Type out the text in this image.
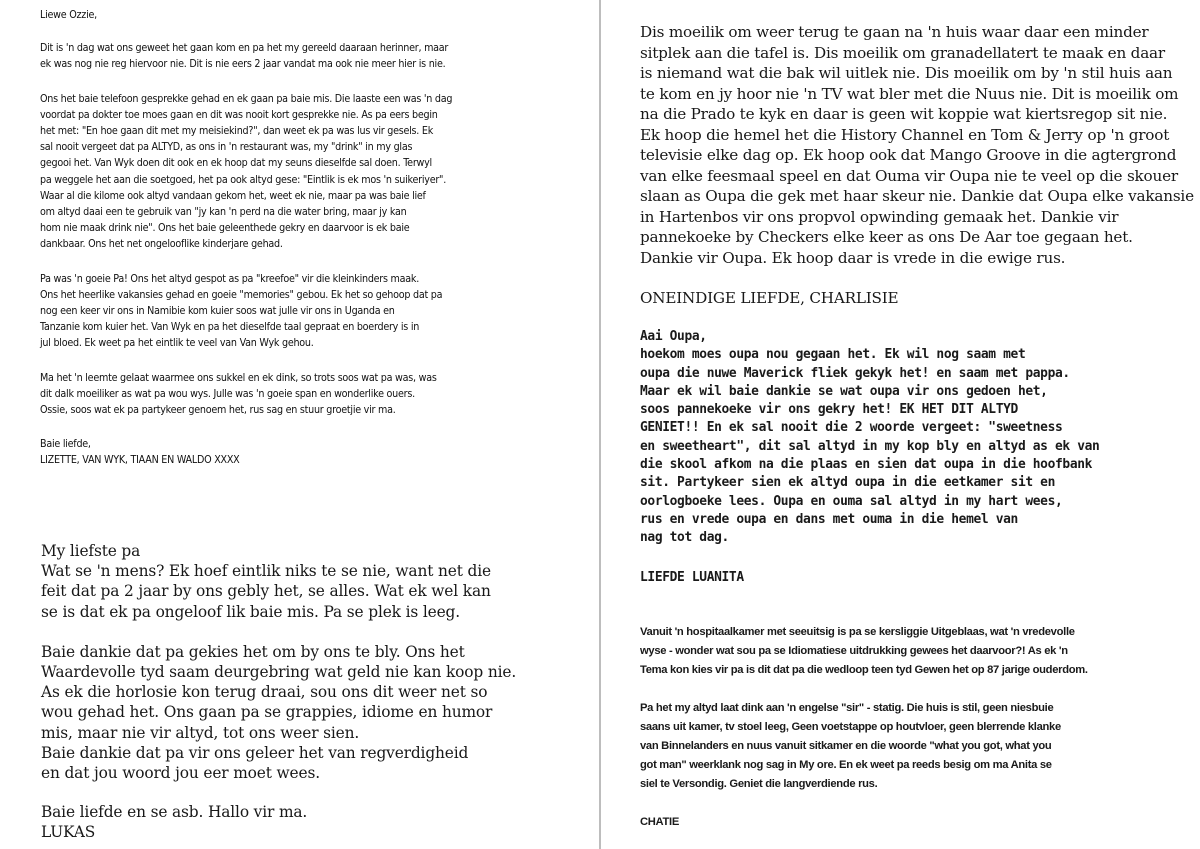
Liewe Ozzie,

Dit is 'n dag wat ons geweet het gaan kom en pa het my gereeld daaraan herinner, maar

ek was nog nie reg hiervoor nie. Dit is nie eers 2 jaar vandat ma ook nie meer hier is nie.

Ons het baie telefoon gesprekke gehad en ek gaan pa baie mis. Die laaste een was 'n dag

voordat pa dokter toe moes gaan en dit was nooit kort gesprekke nie. As pa eers begin

het met: "En hoe gaan dit met my meisiekind?", dan weet ek pa was lus vir gesels. Ek

sal nooit vergeet dat pa ALTYD, as ons in 'n restaurant was, my "drink" in my glas

gegooi het. Van Wyk doen dit ook en ek hoop dat my seuns dieselfde sal doen. Terwyl

pa weggele het aan die soetgoed, het pa ook altyd gese: "Eintlik is ek mos 'n suikeriyer".

Waar al die kilome ook altyd vandaan gekom het, weet ek nie, maar pa was baie lief

om altyd daai een te gebruik van "jy kan 'n perd na die water bring, maar jy kan

hom nie maak drink nie". Ons het baie geleenthede gekry en daarvoor is ek baie

dankbaar. Ons het net ongelooflike kinderjare gehad.

Pa was 'n goeie Pa! Ons het altyd gespot as pa "kreefoe" vir die kleinkinders maak.

Ons het heerlike vakansies gehad en goeie "memories" gebou. Ek het so gehoop dat pa

nog een keer vir ons in Namibie kom kuier soos wat julle vir ons in Uganda en

Tanzanie kom kuier het. Van Wyk en pa het dieselfde taal gepraat en boerdery is in

jul bloed. Ek weet pa het eintlik te veel van Van Wyk gehou.

Ma het 'n leemte gelaat waarmee ons sukkel en ek dink, so trots soos wat pa was, was

dit dalk moeiliker as wat pa wou wys. Julle was 'n goeie span en wonderlike ouers.

Ossie, soos wat ek pa partykeer genoem het, rus sag en stuur groetjie vir ma.

Baie liefde,

LIZETTE, VAN WYK, TIAAN EN WALDO XXXX

My liefste pa

Wat se 'n mens? Ek hoef eintlik niks te se nie, want net die

feit dat pa 2 jaar by ons gebly het, se alles. Wat ek wel kan

se is dat ek pa ongeloof lik baie mis. Pa se plek is leeg.

Baie dankie dat pa gekies het om by ons te bly. Ons het

Waardevolle tyd saam deurgebring wat geld nie kan koop nie.

As ek die horlosie kon terug draai, sou ons dit weer net so

wou gehad het. Ons gaan pa se grappies, idiome en humor

mis, maar nie vir altyd, tot ons weer sien.

Baie dankie dat pa vir ons geleer het van regverdigheid

en dat jou woord jou eer moet wees.

Baie liefde en se asb. Hallo vir ma.

LUKAS

Dis moeilik om weer terug te gaan na 'n huis waar daar een minder

sitplek aan die tafel is. Dis moeilik om granadellatert te maak en daar

is niemand wat die bak wil uitlek nie. Dis moeilik om by 'n stil huis aan

te kom en jy hoor nie 'n TV wat bler met die Nuus nie. Dit is moeilik om

na die Prado te kyk en daar is geen wit koppie wat kiertsregop sit nie.

Ek hoop die hemel het die History Channel en Tom & Jerry op 'n groot

televisie elke dag op. Ek hoop ook dat Mango Groove in die agtergrond

van elke feesmaal speel en dat Ouma vir Oupa nie te veel op die skouer

slaan as Oupa die gek met haar skeur nie. Dankie dat Oupa elke vakansie

in Hartenbos vir ons propvol opwinding gemaak het. Dankie vir

pannekoeke by Checkers elke keer as ons De Aar toe gegaan het.

Dankie vir Oupa. Ek hoop daar is vrede in die ewige rus.

ONEINDIGE LIEFDE, CHARLISIE

Aai Oupa,

hoekom moes oupa nou gegaan het. Ek wil nog saam met

oupa die nuwe Maverick fliek gekyk het! en saam met pappa.

Maar ek wil baie dankie se wat oupa vir ons gedoen het,

soos pannekoeke vir ons gekry het! EK HET DIT ALTYD

GENIET!! En ek sal nooit die 2 woorde vergeet: "sweetness

en sweetheart", dit sal altyd in my kop bly en altyd as ek van

die skool afkom na die plaas en sien dat oupa in die hoofbank

sit. Partykeer sien ek altyd oupa in die eetkamer sit en

oorlogboeke lees. Oupa en ouma sal altyd in my hart wees,

rus en vrede oupa en dans met ouma in die hemel van

nag tot dag.

LIEFDE LUANITA

Vanuit 'n hospitaalkamer met seeuitsig is pa se kersliggie Uitgeblaas, wat 'n vredevolle

wyse - wonder wat sou pa se Idiomatiese uitdrukking gewees het daarvoor?! As ek 'n

Tema kon kies vir pa is dit dat pa die wedloop teen tyd Gewen het op 87 jarige ouderdom.

Pa het my altyd laat dink aan 'n engelse "sir" - statig. Die huis is stil, geen niesbuie

saans uit kamer, tv stoel leeg, Geen voetstappe op houtvloer, geen blerrende klanke

van Binnelanders en nuus vanuit sitkamer en die woorde "what you got, what you

got man" weerklank nog sag in My ore. En ek weet pa reeds besig om ma Anita se

siel te Versondig. Geniet die langverdiende rus.

CHATIE
